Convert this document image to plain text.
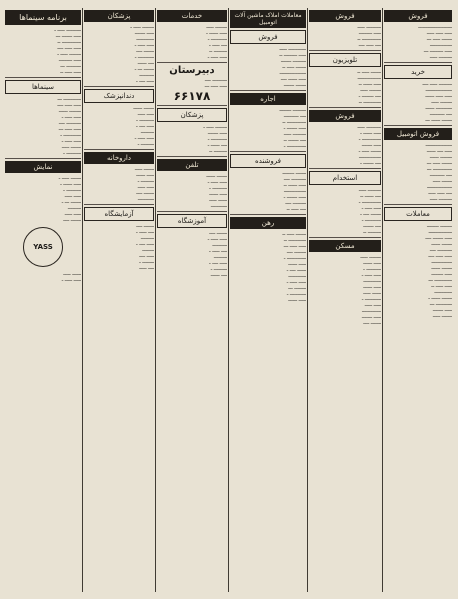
فروش
ـــــــــــــــــــــــ
ـــــ ـــــ ـــــ
ـــــــ ـــــ ـــ
ـــــــــــــــ
ـــــ ـــــــــ ـــ
ـــــــــ ـــــ
خرید
ـــــــــ ـــــ ــــ
ــــــــــــــــــ
ـــــ ـــــ ــــــ
ــــــــ ـــــ
ـــــــــــ ــــــ
ــــ ــــــــــ
ـــــــ ــــــ ـــ
فروش اتومبیل
ــــــــــــــــــ
ـــــ ــــ ــــــ
ــــــــ ــــــ
ـــــــ ـــــ ـــ
ـــــــــــــ ـــ
ــــ ــــــــــ
ـــــــ ـــــ
ـــــــــــــــــ
ــــ ـــــ ـــــ
ـــــــــ ـــــ
معاملات
ــــــــ ــــــــ
ــــــــــــــــ
ـــــ ـــــــ ــــ
ـــــــ ــــــ
ــــــــــ ــــ
ـــــ ـــــ ــــ
ــــــــــــــ
ـــــــ ــــــ
ـــــ ــــــــ
ــــــــــــ ـــ
ـــــ ـــــ ــ
ــــــــــــ
ـــــــ ــــــ ـ
ـــــــــــ ـــ
ـــــ ـــــــ
ـــــــ ـــــ
فروش
ــــــــــ ـــــ
ـــــ ـــــــــ
ـــــــــــــ ــ
ــــ ـــــ ــــ
تلویزیون
ـــــــ ـــــ ــ
ــــــــــــــــ
ـــــ ــــــ ــ
ــــــــ ـــــ
ــــ ــــــــ ـ
ــــــــــــ ــ
فروش
ــــــــــ ـــــ
ـــــ ــــــ ـ
ـــــــــــــ ـ
ـــــ ـــــــ
ـــــــ ـــــ ـ
ـــــــــــــــ
ــــ ـــــــ ـ
استخدام
ـــــــــ ـــــ
ــــ ــــــ ــ
ـــــــــــــ ـ
ـــــ ـــــ ـ
ـــــــ ــــ ـ
ـــــــــــ ـ
ــــ ـــــــ
ـــــــــ ــ
مسکن
ــــــــ ـــــ
ـــــ ــــــ
ــــــــــ ـ
ـــــ ـــــ ـ
ــــــــــــ
ـــــ ــــــ
ــــــ ـــــ
ـــــــــــ ـ
ـــــ ـــــ
ـــــــــــــ
ـــــ ـــــــ
ـــــــ ــــ
معاملات املاک ماشین آلات اتومبیل
فروش
ــــــــــــ ـــــ
ـــــ ـــــــــ ــ
ـــــــــ ـــــــ
ـــــــ ـــــ ــ
ــــــــــــــــــ
ـــــ ــــــ ــــ
ـــــــ ـــــــ
اجاره
ـــــــــ ــــــــ
ــــ ــــــــــ
ـــــــــــــ ــ
ـــــ ـــــــ ـ
ـــــــــ ـــــ
ــــ ـــــــ ــ
ـــــــــــــ ـ
فروشنده
ـــــــ ــــــــ
ــــــــــ ــــ
ـــــ ــــــ ــ
ـــــــــــــــ
ـــــ ـــــــ ـ
ـــــــــ ــــ
ــــ ـــــ ــ
رهن
ـــــــ ـــــ ــ
ــــــــــــ ــ
ـــــ ـــــ ـــ
ــــــــ ــــ
ـــــــــــــ ـ
ـــــ ــــــ
ــــــ ــــ ـ
ــــــــــــ
ـــــ ـــــ ـ
ــــــــ ـــ
ـــــــــــ ـ
ـــــ ــــــ
خدمات
ــــــــ ـــــ
ـــــ ــــــ ـ
ـــــــــــ ـ
ــــ ـــــ ـ
ـــــــــ ــ
ـــــ ـــــ ـ
دبیرستان
ــــــــــ ــــ
ـــــ ـــــ ـــ
۶۶۱۷۸
پزشکان
ــــــــ ـــــ ـ
ـــــ ـــــــ
ـــــــــــ ـ
ــــ ــــــ ـ
ـــــــــ ــ
تلفن
ـــــــ ــــــ
ـــــ ـــــ ـ
ــــــــــ ـ
ـــــ ــــــ
ــــــ ـــــ
ـــــــــــ
آموزشگاه
ـــــــ ــــ
ـــــ ـــــ ـ
ــــــــــ
ــــ ـــــ ـ
ـــــــــ
ـــــ ــــ ـ
ـــــــــ ـ
ــــ ــــــ
پزشکان
ــــــــ ـــــ ـ
ـــــ ـــــــ
ــــــــــــ
ـــــ ـــــ ـ
ـــــــ ــــ
ـــــــــــ ـ
ــــ ــــــ
ـــــــ ـــ ـ
ــــــــــ
ـــــ ــــ ـ
دندانپزشک
ـــــــ ــــــ
ـــــ ـــــ
ــــــــــ ـ
ـــــ ــــ ـ
ـــــــــ
ـــــ ـــــ ـ
ـــــــــ ـ
داروخانه
ـــــــ ـــــ
ـــــ ــــــ
ـــــــــ ـ
ـــــ ـــــ
ـــــــ ــــ
ـــــــــــ
آزمایشگاه
ـــــــ ــــ
ــــ ـــــ ـ
ـــــــــ
ـــــ ــــ ـ
ــــــــ
ـــــ ــــ
ــــــــ ـ
ــــ ـــــ
برنامه سینماها
ــــــــــ ـــــ ـ
ـــــ ـــــــ ـــ
ـــــــــــــ ــ
ـــــ ـــــ ــــ
ــــــــ ـــــ ـ
ـــــ ـــــــــ
ــــــــــ ـــ
ـــــ ـــــ ــ
سینماها
ــــــــــــ ـــ
ـــــ ـــــ ــــ
ــــــــ ــــــ
ـــــ ـــــ ـ
ــــــــــ ــــ
ـــــ ـــــ ـــ
ــــــــــــ ـ
ـــــ ـــــ ـ
ـــــــ ـــــ
ــــــــــ ـ
نمایش
ـــــــ ـــــ ـ
ـــــ ــــــ ـ
ــــــــــ ـ
ـــــ ـــــ
ـــــــ ـــ ـ
ـــــــــ
ـــــ ـــــ
ـــــــ ــــ
YASS
ــــــ ـــــ
ـــــ ـــــ ـ
